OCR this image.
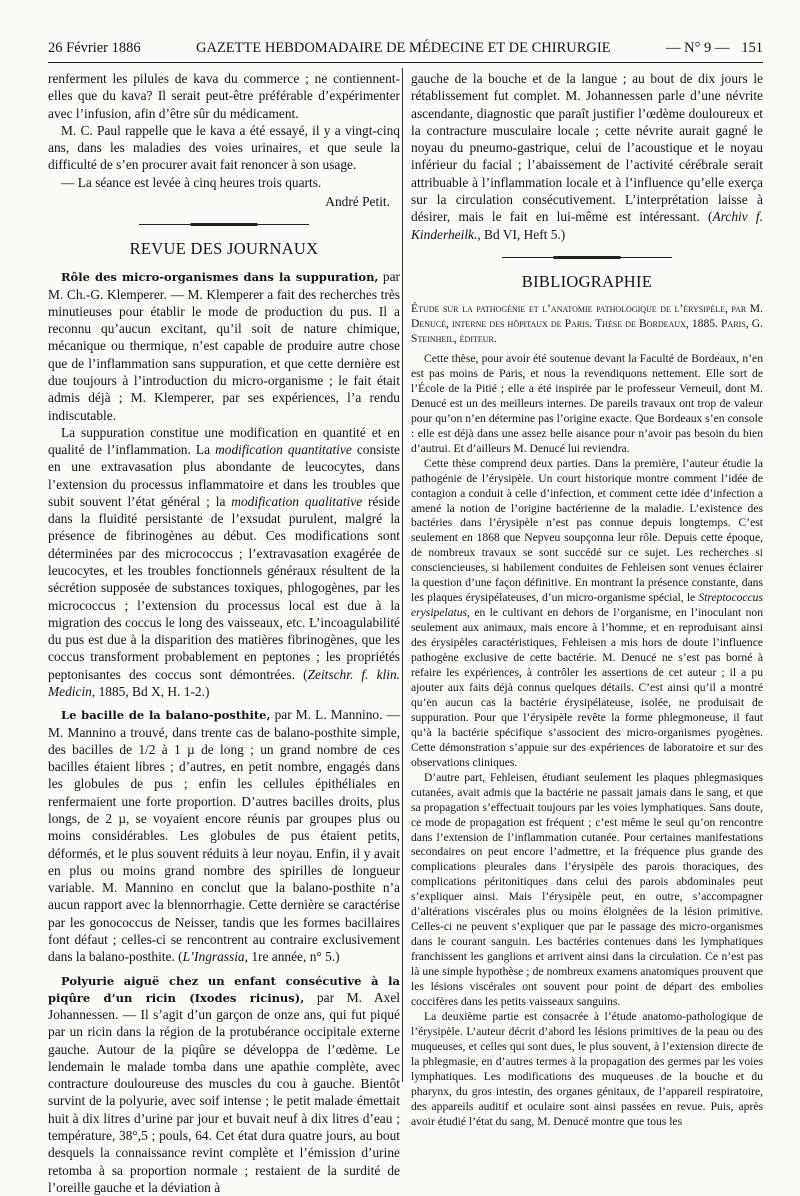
26 Février 1886	GAZETTE HEBDOMADAIRE DE MÉDECINE ET DE CHIRURGIE	— N° 9 — 151

renferment les pilules de kava du commerce ; ne contiennent-elles que du kava? Il serait peut-être préférable d’expérimenter avec l’infusion, afin d’être sûr du médicament.

M. C. Paul rappelle que le kava a été essayé, il y a vingt-cinq ans, dans les maladies des voies urinaires, et que seule la difficulté de s’en procurer avait fait renoncer à son usage.

— La séance est levée à cinq heures trois quarts.

André Petit.

REVUE DES JOURNAUX

Rôle des micro-organismes dans la suppuration, par M. Ch.-G. Klemperer. — M. Klemperer a fait des recherches très minutieuses pour établir le mode de production du pus. Il a reconnu qu’aucun excitant, qu’il soit de nature chimique, mécanique ou thermique, n’est capable de produire autre chose que de l’inflammation sans suppuration, et que cette dernière est due toujours à l’introduction du micro-organisme ; le fait était admis déjà ; M. Klemperer, par ses expériences, l’a rendu indiscutable.

La suppuration constitue une modification en quantité et en qualité de l’inflammation. La modification quantitative consiste en une extravasation plus abondante de leucocytes, dans l’extension du processus inflammatoire et dans les troubles que subit souvent l’état général ; la modification qualitative réside dans la fluidité persistante de l’exsudat purulent, malgré la présence de fibrinogènes au début. Ces modifications sont déterminées par des micrococcus ; l’extravasation exagérée de leucocytes, et les troubles fonctionnels généraux résultent de la sécrétion supposée de substances toxiques, phlogogènes, par les micrococcus ; l’extension du processus local est due à la migration des coccus le long des vaisseaux, etc. L’incoagulabilité du pus est due à la disparition des matières fibrinogènes, que les coccus transforment probablement en peptones ; les propriétés peptonisantes des coccus sont démontrées. (Zeitschr. f. klin. Medicin, 1885, Bd X, H. 1-2.)

Le bacille de la balano-posthite, par M. L. Mannino. — M. Mannino a trouvé, dans trente cas de balano-posthite simple, des bacilles de 1/2 à 1 µ de long ; un grand nombre de ces bacilles étaient libres ; d’autres, en petit nombre, engagés dans les globules de pus ; enfin les cellules épithéliales en renfermaient une forte proportion. D’autres bacilles droits, plus longs, de 2 µ, se voyaient encore réunis par groupes plus ou moins considérables. Les globules de pus étaient petits, déformés, et le plus souvent réduits à leur noyau. Enfin, il y avait en plus ou moins grand nombre des spirilles de longueur variable. M. Mannino en conclut que la balano-posthite n’a aucun rapport avec la blennorrhagie. Cette dernière se caractérise par les gonococcus de Neisser, tandis que les formes bacillaires font défaut ; celles-ci se rencontrent au contraire exclusivement dans la balano-posthite. (L’Ingrassia, 1re année, n° 5.)

Polyurie aiguë chez un enfant consécutive à la piqûre d’un ricin (Ixodes ricinus), par M. Axel Johannessen. — Il s’agit d’un garçon de onze ans, qui fut piqué par un ricin dans la région de la protubérance occipitale externe gauche. Autour de la piqûre se développa de l’œdème. Le lendemain le malade tomba dans une apathie complète, avec contracture douloureuse des muscles du cou à gauche. Bientôt survint de la polyurie, avec soif intense ; le petit malade émettait huit à dix litres d’urine par jour et buvait neuf à dix litres d’eau ; température, 38°,5 ; pouls, 64. Cet état dura quatre jours, au bout desquels la connaissance revint complète et l’émission d’urine retomba à sa proportion normale ; restaient de la surdité de l’oreille gauche et la déviation à

gauche de la bouche et de la langue ; au bout de dix jours le rétablissement fut complet. M. Johannessen parle d’une névrite ascendante, diagnostic que paraît justifier l’œdème douloureux et la contracture musculaire locale ; cette névrite aurait gagné le noyau du pneumo-gastrique, celui de l’acoustique et le noyau inférieur du facial ; l’abaissement de l’activité cérébrale serait attribuable à l’inflammation locale et à l’influence qu’elle exerça sur la circulation consécutivement. L’interprétation laisse à désirer, mais le fait en lui-même est intéressant. (Archiv f. Kinderheilk., Bd VI, Heft 5.)

BIBLIOGRAPHIE
Étude sur la pathogénie et l’anatomie pathologique de l’érysipèle, par M. Denucé, interne des hôpitaux de Paris. Thèse de Bordeaux, 1885. Paris, G. Steinheil, éditeur.

Cette thèse, pour avoir été soutenue devant la Faculté de Bordeaux, n’en est pas moins de Paris, et nous la revendiquons nettement. Elle sort de l’École de la Pitié ; elle a été inspirée par le professeur Verneuil, dont M. Denucé est un des meilleurs internes. De pareils travaux ont trop de valeur pour qu’on n’en détermine pas l’origine exacte. Que Bordeaux s’en console : elle est déjà dans une assez belle aisance pour n’avoir pas besoin du bien d’autrui. Et d’ailleurs M. Denucé lui reviendra.

Cette thèse comprend deux parties. Dans la première, l’auteur étudie la pathogénie de l’érysipèle. Un court historique montre comment l’idée de contagion a conduit à celle d’infection, et comment cette idée d’infection a amené la notion de l’origine bactérienne de la maladie. L’existence des bactéries dans l’érysipèle n’est pas connue depuis longtemps. C’est seulement en 1868 que Nepveu soupçonna leur rôle. Depuis cette époque, de nombreux travaux se sont succédé sur ce sujet. Les recherches si consciencieuses, si habilement conduites de Fehleisen sont venues éclairer la question d’une façon définitive. En montrant la présence constante, dans les plaques érysipélateuses, d’un micro-organisme spécial, le Streptococcus erysipelatus, en le cultivant en dehors de l’organisme, en l’inoculant non seulement aux animaux, mais encore à l’homme, et en reproduisant ainsi des érysipèles caractéristiques, Fehleisen a mis hors de doute l’influence pathogène exclusive de cette bactérie. M. Denucé ne s’est pas borné à refaire les expériences, à contrôler les assertions de cet auteur ; il a pu ajouter aux faits déjà connus quelques détails. C’est ainsi qu’il a montré qu’en aucun cas la bactérie érysipélateuse, isolée, ne produisait de suppuration. Pour que l’érysipèle revête la forme phlegmoneuse, il faut qu’à la bactérie spécifique s’associent des micro-organismes pyogènes. Cette démonstration s’appuie sur des expériences de laboratoire et sur des observations cliniques.

D’autre part, Fehleisen, étudiant seulement les plaques phlegmasiques cutanées, avait admis que la bactérie ne passait jamais dans le sang, et que sa propagation s’effectuait toujours par les voies lymphatiques. Sans doute, ce mode de propagation est fréquent ; c’est même le seul qu’on rencontre dans l’extension de l’inflammation cutanée. Pour certaines manifestations secondaires on peut encore l’admettre, et la fréquence plus grande des complications pleurales dans l’érysipèle des parois thoraciques, des complications péritonitiques dans celui des parois abdominales peut s’expliquer ainsi. Mais l’érysipèle peut, en outre, s’accompagner d’altérations viscérales plus ou moins éloignées de la lésion primitive. Celles-ci ne peuvent s’expliquer que par le passage des micro-organismes dans le courant sanguin. Les bactéries contenues dans les lymphatiques franchissent les ganglions et arrivent ainsi dans la circulation. Ce n’est pas là une simple hypothèse ; de nombreux examens anatomiques prouvent que les lésions viscérales ont souvent pour point de départ des embolies coccifères dans les petits vaisseaux sanguins.

La deuxième partie est consacrée à l’étude anatomo-pathologique de l’érysipèle. L’auteur décrit d’abord les lésions primitives de la peau ou des muqueuses, et celles qui sont dues, le plus souvent, à l’extension directe de la phlegmasie, en d’autres termes à la propagation des germes par les voies lymphatiques. Les modifications des muqueuses de la bouche et du pharynx, du gros intestin, des organes génitaux, de l’appareil respiratoire, des appareils auditif et oculaire sont ainsi passées en revue. Puis, après avoir étudié l’état du sang, M. Denucé montre que tous les
